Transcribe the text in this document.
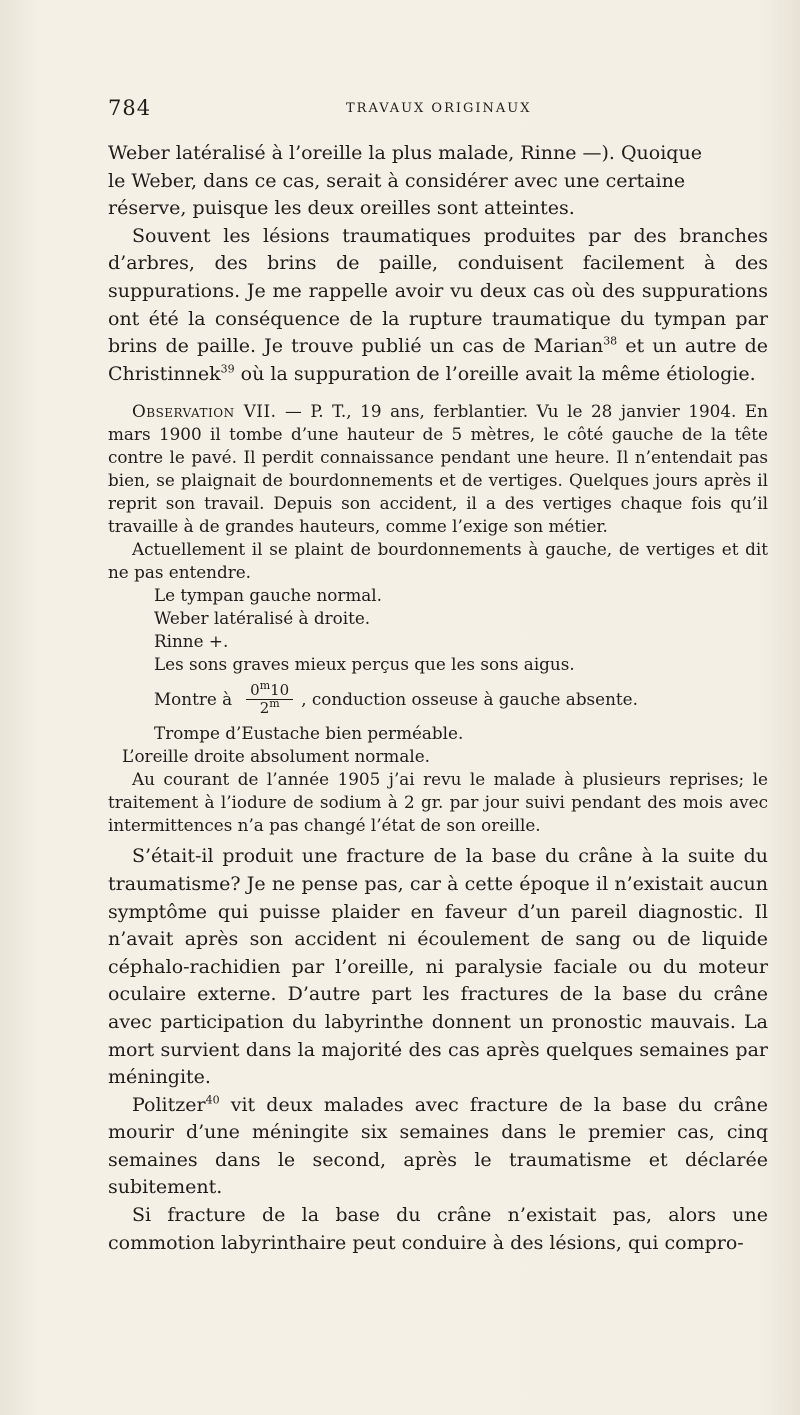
784	TRAVAUX ORIGINAUX

Weber latéralisé à l’oreille la plus malade, Rinne —). Quoique
le Weber, dans ce cas, serait à considérer avec une certaine
réserve, puisque les deux oreilles sont atteintes.

Souvent les lésions traumatiques produites par des branches d’arbres, des brins de paille, conduisent facilement à des suppurations. Je me rappelle avoir vu deux cas où des suppurations ont été la conséquence de la rupture traumatique du tympan par brins de paille. Je trouve publié un cas de Marian$^{38}$ et un autre de Christinnek$^{39}$ où la suppuration de l’oreille avait la même étiologie.

Observation VII. — P. T., 19 ans, ferblantier. Vu le 28 janvier 1904. En mars 1900 il tombe d’une hauteur de 5 mètres, le côté gauche de la tête contre le pavé. Il perdit connaissance pendant une heure. Il n’entendait pas bien, se plaignait de bourdonnements et de vertiges. Quelques jours après il reprit son travail. Depuis son accident, il a des vertiges chaque fois qu’il travaille à de grandes hauteurs, comme l’exige son métier.

Actuellement il se plaint de bourdonnements à gauche, de vertiges et dit ne pas entendre.

Le tympan gauche normal.

Weber latéralisé à droite.

Rinne +.

Les sons graves mieux perçus que les sons aigus.

Montre à $\frac{0^m10}{2^m}$ , conduction osseuse à gauche absente.

Trompe d’Eustache bien perméable.

L’oreille droite absolument normale.

Au courant de l’année 1905 j’ai revu le malade à plusieurs reprises; le traitement à l’iodure de sodium à 2 gr. par jour suivi pendant des mois avec intermittences n’a pas changé l’état de son oreille.

S’était-il produit une fracture de la base du crâne à la suite du traumatisme? Je ne pense pas, car à cette époque il n’existait aucun symptôme qui puisse plaider en faveur d’un pareil diagnostic. Il n’avait après son accident ni écoulement de sang ou de liquide céphalo-rachidien par l’oreille, ni paralysie faciale ou du moteur oculaire externe. D’autre part les fractures de la base du crâne avec participation du labyrinthe donnent un pronostic mauvais. La mort survient dans la majorité des cas après quelques semaines par méningite.

Politzer$^{40}$ vit deux malades avec fracture de la base du crâne mourir d’une méningite six semaines dans le premier cas, cinq semaines dans le second, après le traumatisme et déclarée subitement.

Si fracture de la base du crâne n’existait pas, alors une commotion labyrinthaire peut conduire à des lésions, qui compro-
